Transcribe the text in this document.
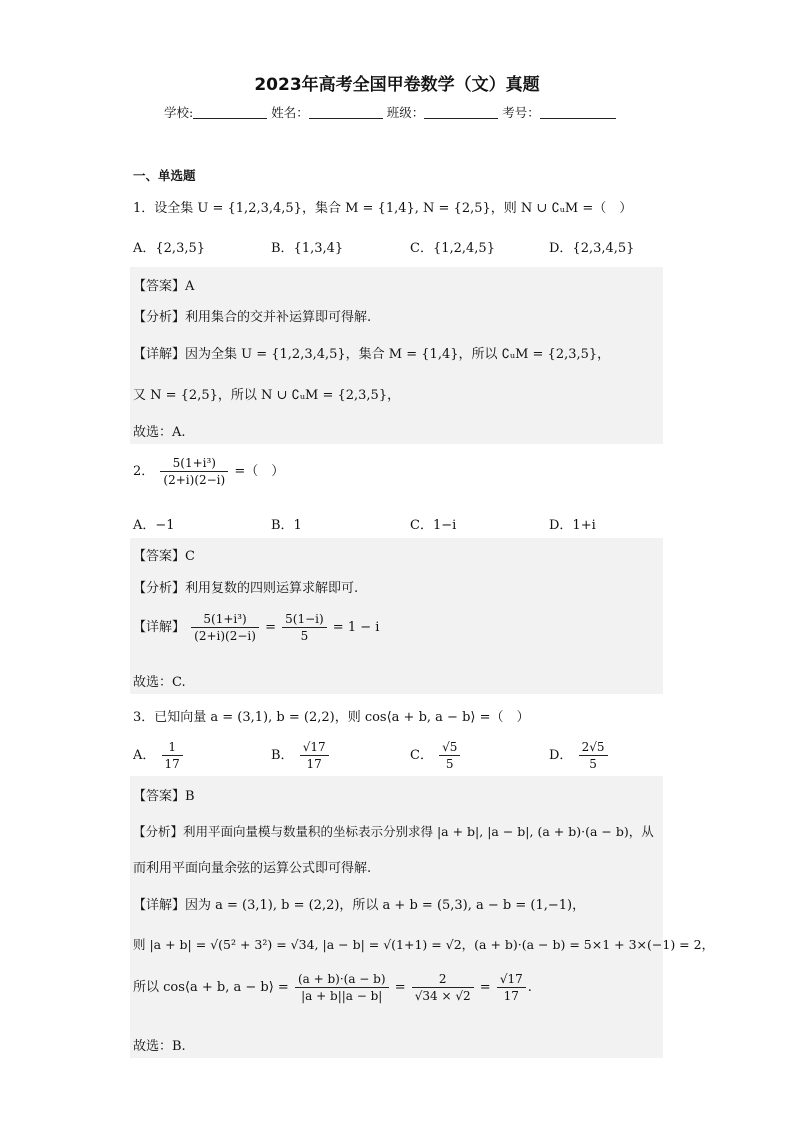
2023年高考全国甲卷数学（文）真题
学校:	姓名：	班级：	考号：
一、单选题
1．设全集 U = {1,2,3,4,5}，集合 M = {1,4}, N = {2,5}，则 N ∪ ∁ᵤM =（　）
A．{2,3,5}	B．{1,3,4}	C．{1,2,4,5}	D．{2,3,4,5}
【答案】A
【分析】利用集合的交并补运算即可得解.
【详解】因为全集 U = {1,2,3,4,5}，集合 M = {1,4}，所以 ∁ᵤM = {2,3,5}，
又 N = {2,5}，所以 N ∪ ∁ᵤM = {2,3,5}，
故选：A.
2． $\frac{\text{5(1+i³)}}{(2+i)(2-i)}$ =（　）
A．−1	B．1	C．1−i	D．1+i
【答案】C
【分析】利用复数的四则运算求解即可.
【详解】 $\frac{\text{5(1+i³)}}{(2+i)(2-i)} = \frac{5(1-i)}{5} = 1 - i$
故选：C.
3．已知向量 a = (3,1), b = (2,2)，则 cos⟨a + b, a − b⟩ =（　）
A． $\frac{1}{17}$	B． $\frac{√17}{17}$	C． $\frac{√5}{5}$	D． $\frac{2√5}{5}$
【答案】B
【分析】利用平面向量模与数量积的坐标表示分别求得 |a + b|, |a − b|, (a + b)·(a − b)，从
而利用平面向量余弦的运算公式即可得解.
【详解】因为 a = (3,1), b = (2,2)，所以 a + b = (5,3), a − b = (1,−1)，
则 |a + b| = √(5² + 3²) = √34, |a − b| = √(1+1) = √2，(a + b)·(a − b) = 5×1 + 3×(−1) = 2，
所以 cos⟨a + b, a − b⟩ = $\frac{(a + b)\cdot(a - b)}{|a + b||a - b|} = \frac{2}{√34 \times √2} = \frac{√17}{17}$ .
故选：B.
